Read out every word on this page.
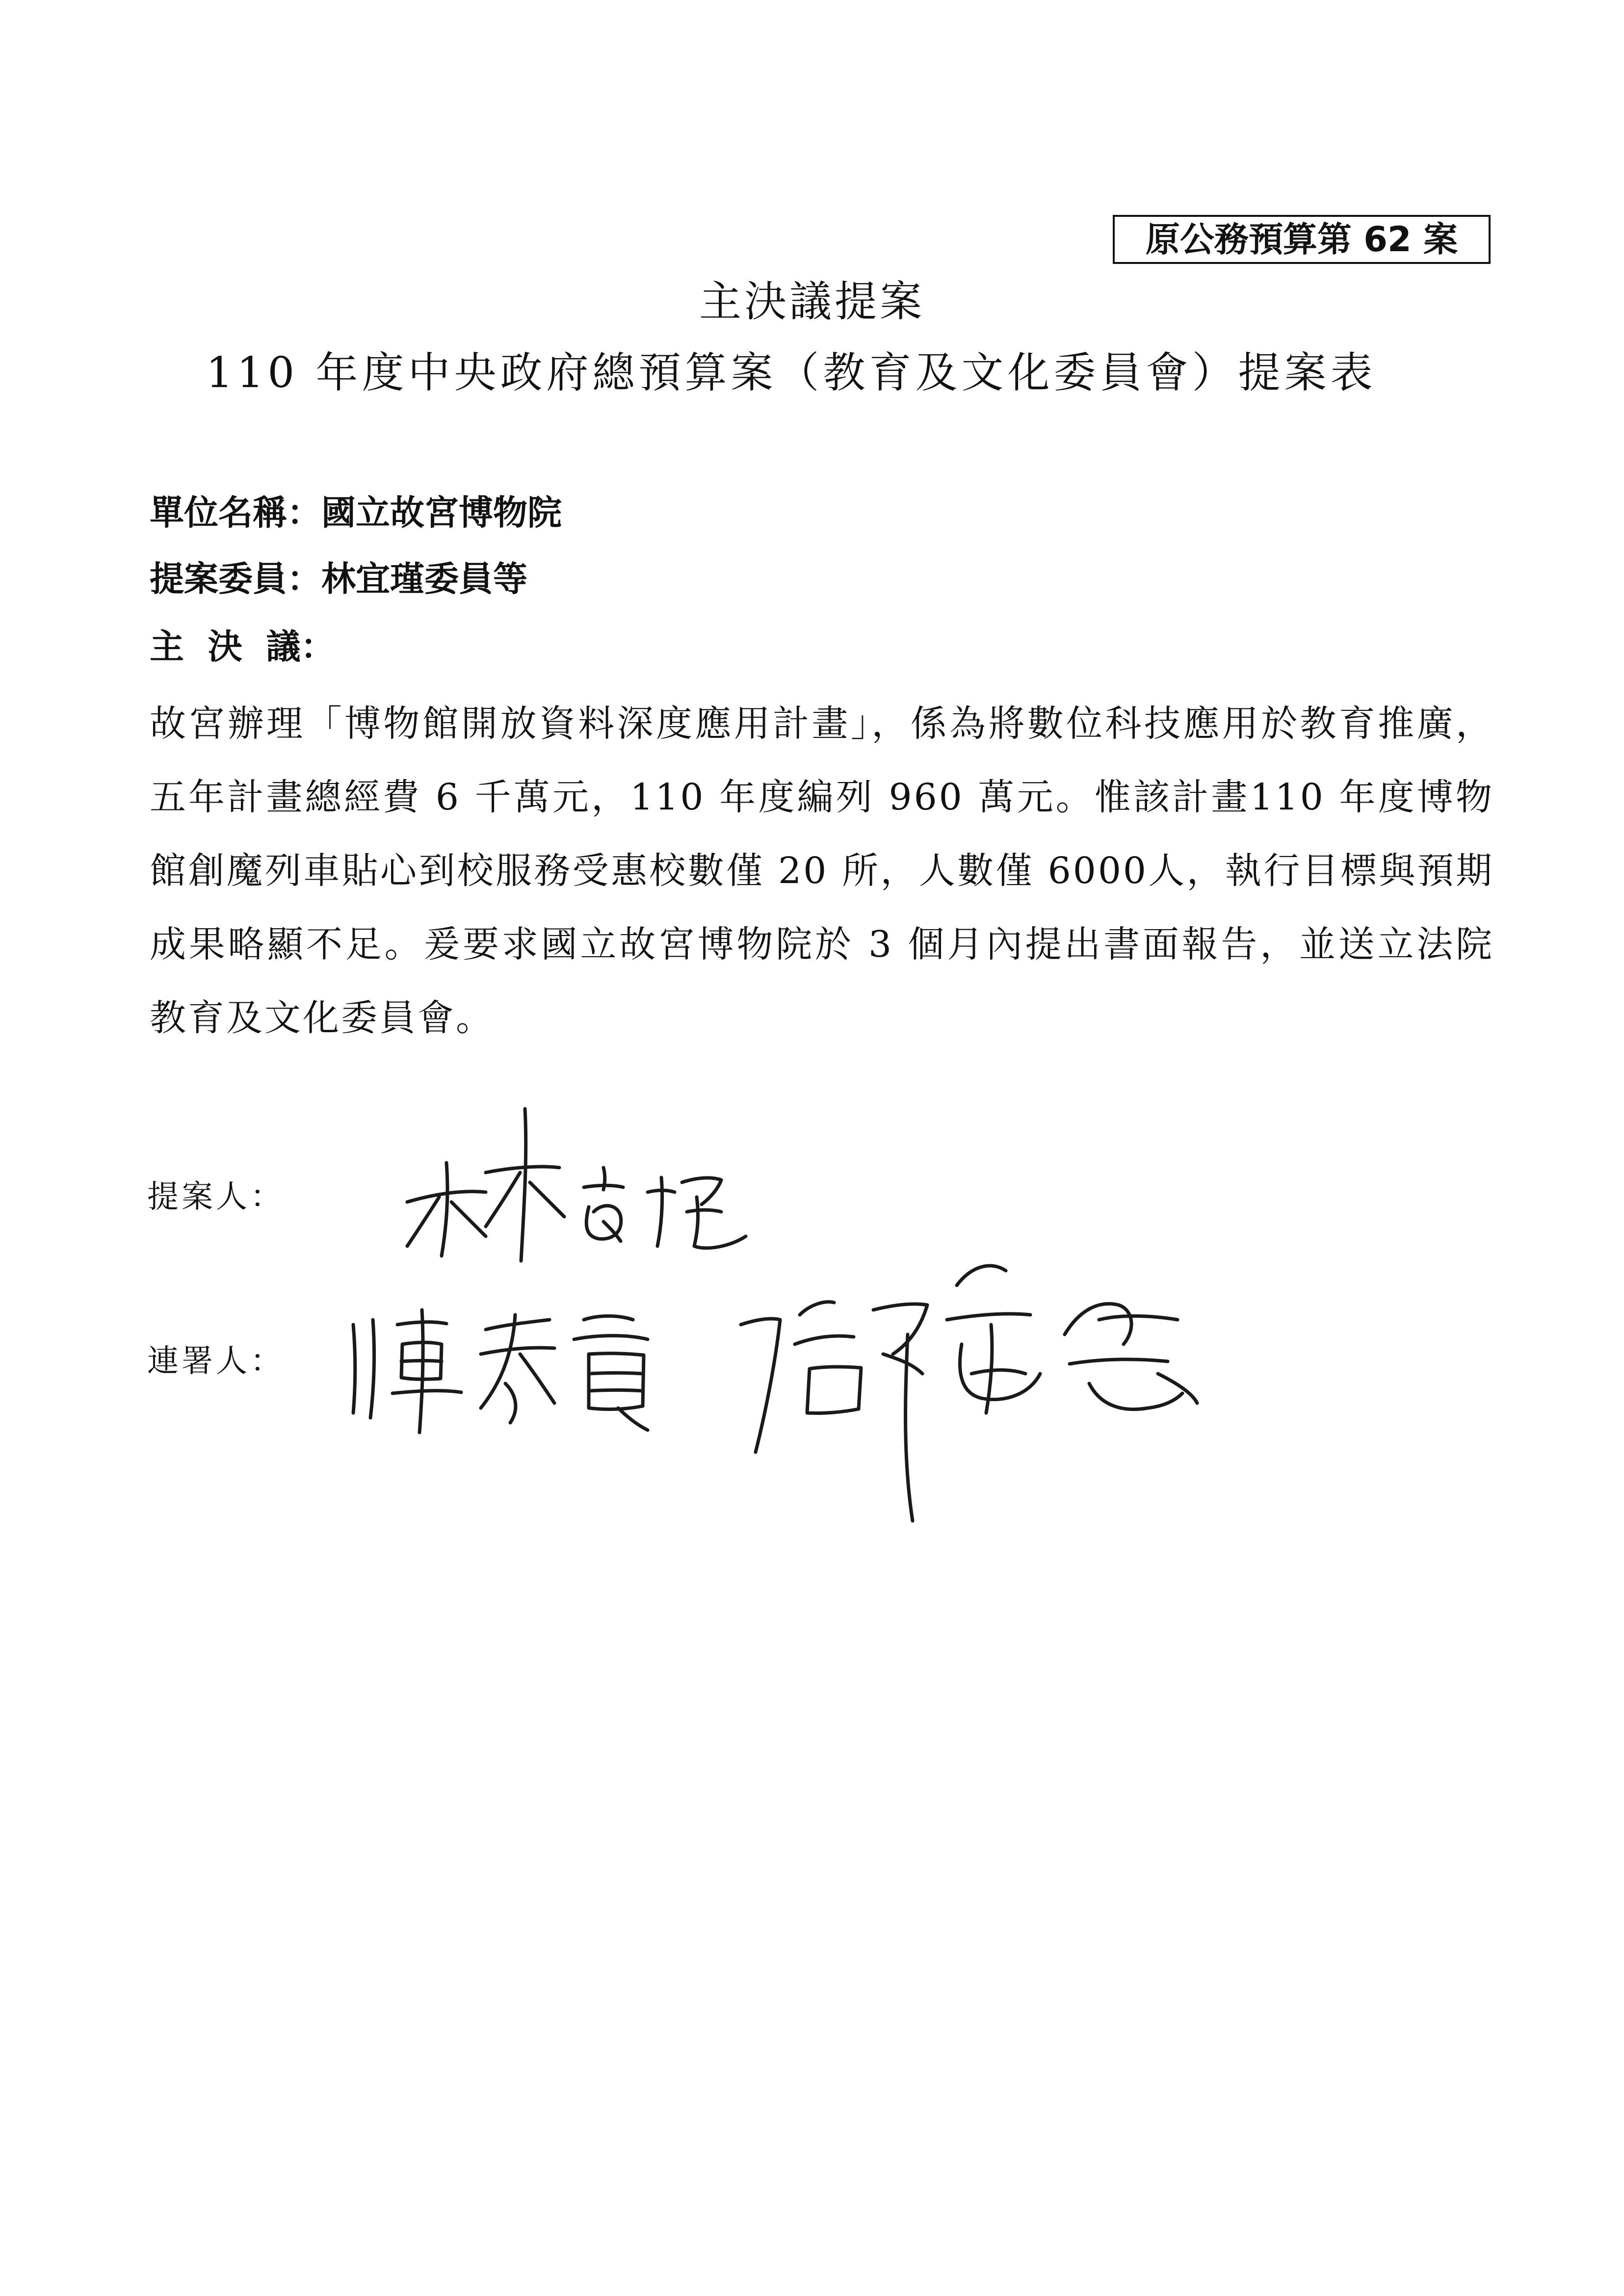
原公務預算第 62 案
主決議提案
110 年度中央政府總預算案（教育及文化委員會）提案表
單位名稱：國立故宮博物院
提案委員：林宜瑾委員等
主  決  議：
故宮辦理「博物館開放資料深度應用計畫」，係為將數位科技應用於教育推廣，五年計畫總經費 6 千萬元，110 年度編列 960 萬元。惟該計畫110 年度博物館創魔列車貼心到校服務受惠校數僅 20 所，人數僅 6000人，執行目標與預期成果略顯不足。爰要求國立故宮博物院於 3 個月內提出書面報告，並送立法院教育及文化委員會。
提案人：
連署人：
